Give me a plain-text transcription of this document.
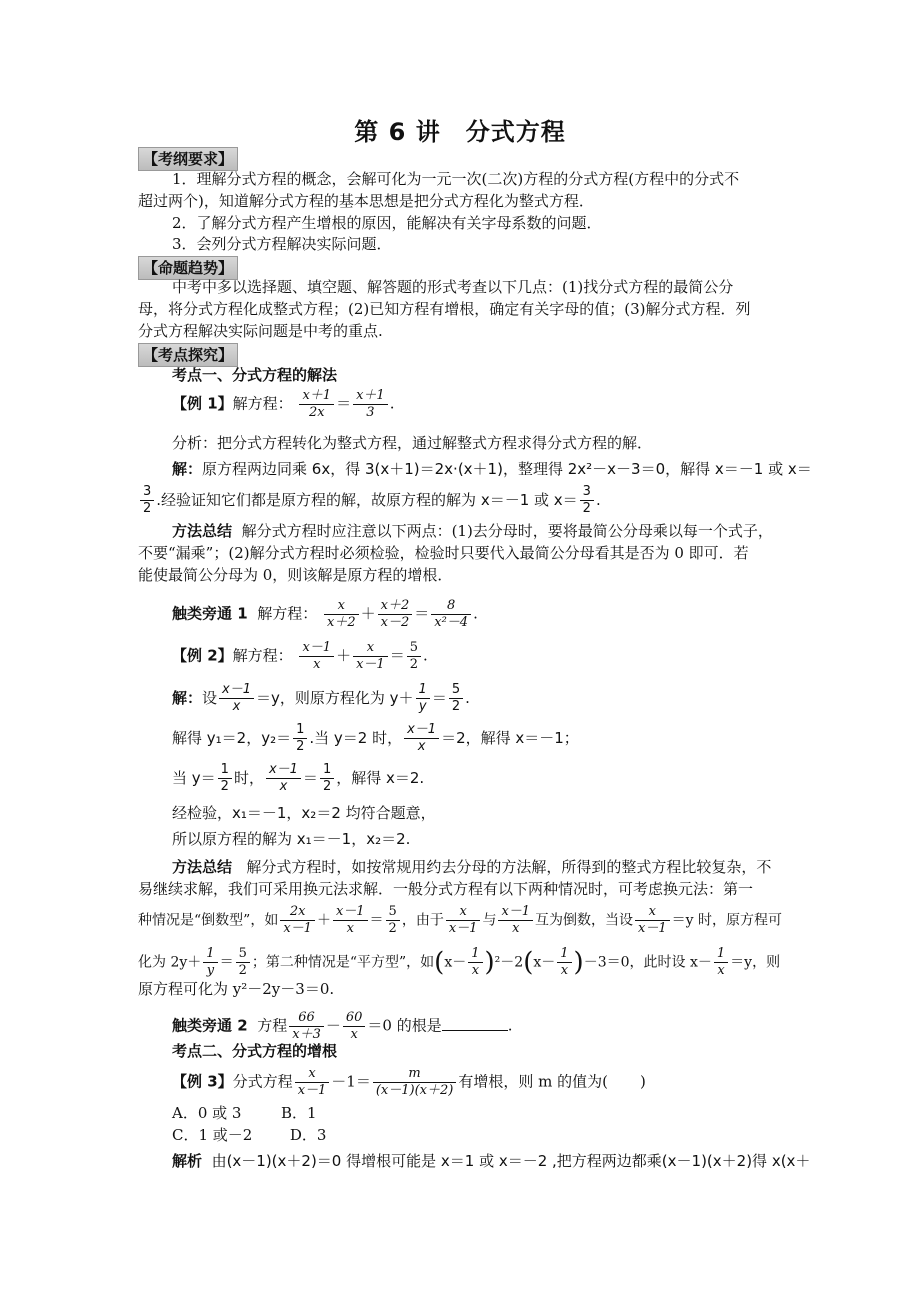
第 6 讲　分式方程
【考纲要求】
1．理解分式方程的概念，会解可化为一元一次(二次)方程的分式方程(方程中的分式不
超过两个)，知道解分式方程的基本思想是把分式方程化为整式方程．
2．了解分式方程产生增根的原因，能解决有关字母系数的问题．
3．会列分式方程解决实际问题．
【命题趋势】
中考中多以选择题、填空题、解答题的形式考查以下几点：(1)找分式方程的最简公分
母，将分式方程化成整式方程；(2)已知方程有增根，确定有关字母的值；(3)解分式方程．列
分式方程解决实际问题是中考的重点.
【考点探究】
考点一、分式方程的解法
【例 1】解方程： $\frac{x+1}{2x} = \frac{x+1}{3}$ .
分析：把分式方程转化为整式方程，通过解整式方程求得分式方程的解．
解：原方程两边同乘 6x，得 3(x＋1)＝2x·(x＋1)，整理得 2x²－x－3＝0，解得 x＝－1 或 x＝
$\frac{3}{2}$ .经验证知它们都是原方程的解，故原方程的解为 x＝－1 或 $x= \frac{3}{2}$ .
方法总结 解分式方程时应注意以下两点：(1)去分母时，要将最简公分母乘以每一个式子，
不要“漏乘”；(2)解分式方程时必须检验，检验时只要代入最简公分母看其是否为 0 即可．若
能使最简公分母为 0，则该解是原方程的增根．
触类旁通 1 解方程： $\frac{x}{x+2} + \frac{x+2}{x-2} = \frac{8}{\text{x²－4}}$ .
【例 2】解方程： $\frac{x-1}{x} + \frac{x}{x-1} = \frac{5}{2}$ .
解：设 $\frac{x-1}{x} =y$，则原方程化为 $y+ \frac{1}{y} = \frac{5}{2}$ .
解得 y₁＝2，$y_2= \frac{1}{2}$ .当 y＝2 时， $\frac{x-1}{x} =2$，解得 x＝－1；
当 $y= \frac{1}{2}$ 时， $\frac{x-1}{x} = \frac{1}{2}$ ，解得 x＝2.
经检验，x₁＝－1，x₂＝2 均符合题意，
所以原方程的解为 x₁＝－1，x₂＝2.
方法总结 解分式方程时，如按常规用约去分母的方法解，所得到的整式方程比较复杂，不
易继续求解，我们可采用换元法求解．一般分式方程有以下两种情况时，可考虑换元法：第一
种情况是“倒数型”，如 $\frac{2x}{x-1} + \frac{x-1}{x} = \frac{5}{2}$ ，由于 $\frac{x}{x-1}$ 与 $\frac{x-1}{x}$ 互为倒数，当设 $\frac{x}{x-1} =y$ 时，原方程可
化为 $2y+ \frac{1}{y} = \frac{5}{2}$ ；第二种情况是“平方型”，如$(x- \frac{1}{x} )^2-2(x- \frac{1}{x} )-3=0$，此时设 $x- \frac{1}{x} =y$，则
原方程可化为 y²－2y－3＝0.
触类旁通 2 方程 $\frac{66}{x+3} - \frac{60}{x} =0$ 的根是	.
考点二、分式方程的增根
【例 3】分式方程 $\frac{x}{x-1} -1= \frac{m}{(x-1)(x+2)}$ 有增根，则 m 的值为( )
A．0 或 3	B．1
C．1 或－2	D．3
解析 由(x－1)(x＋2)＝0 得增根可能是 x＝1 或 x＝－2 ,把方程两边都乘(x－1)(x＋2)得 x(x＋
